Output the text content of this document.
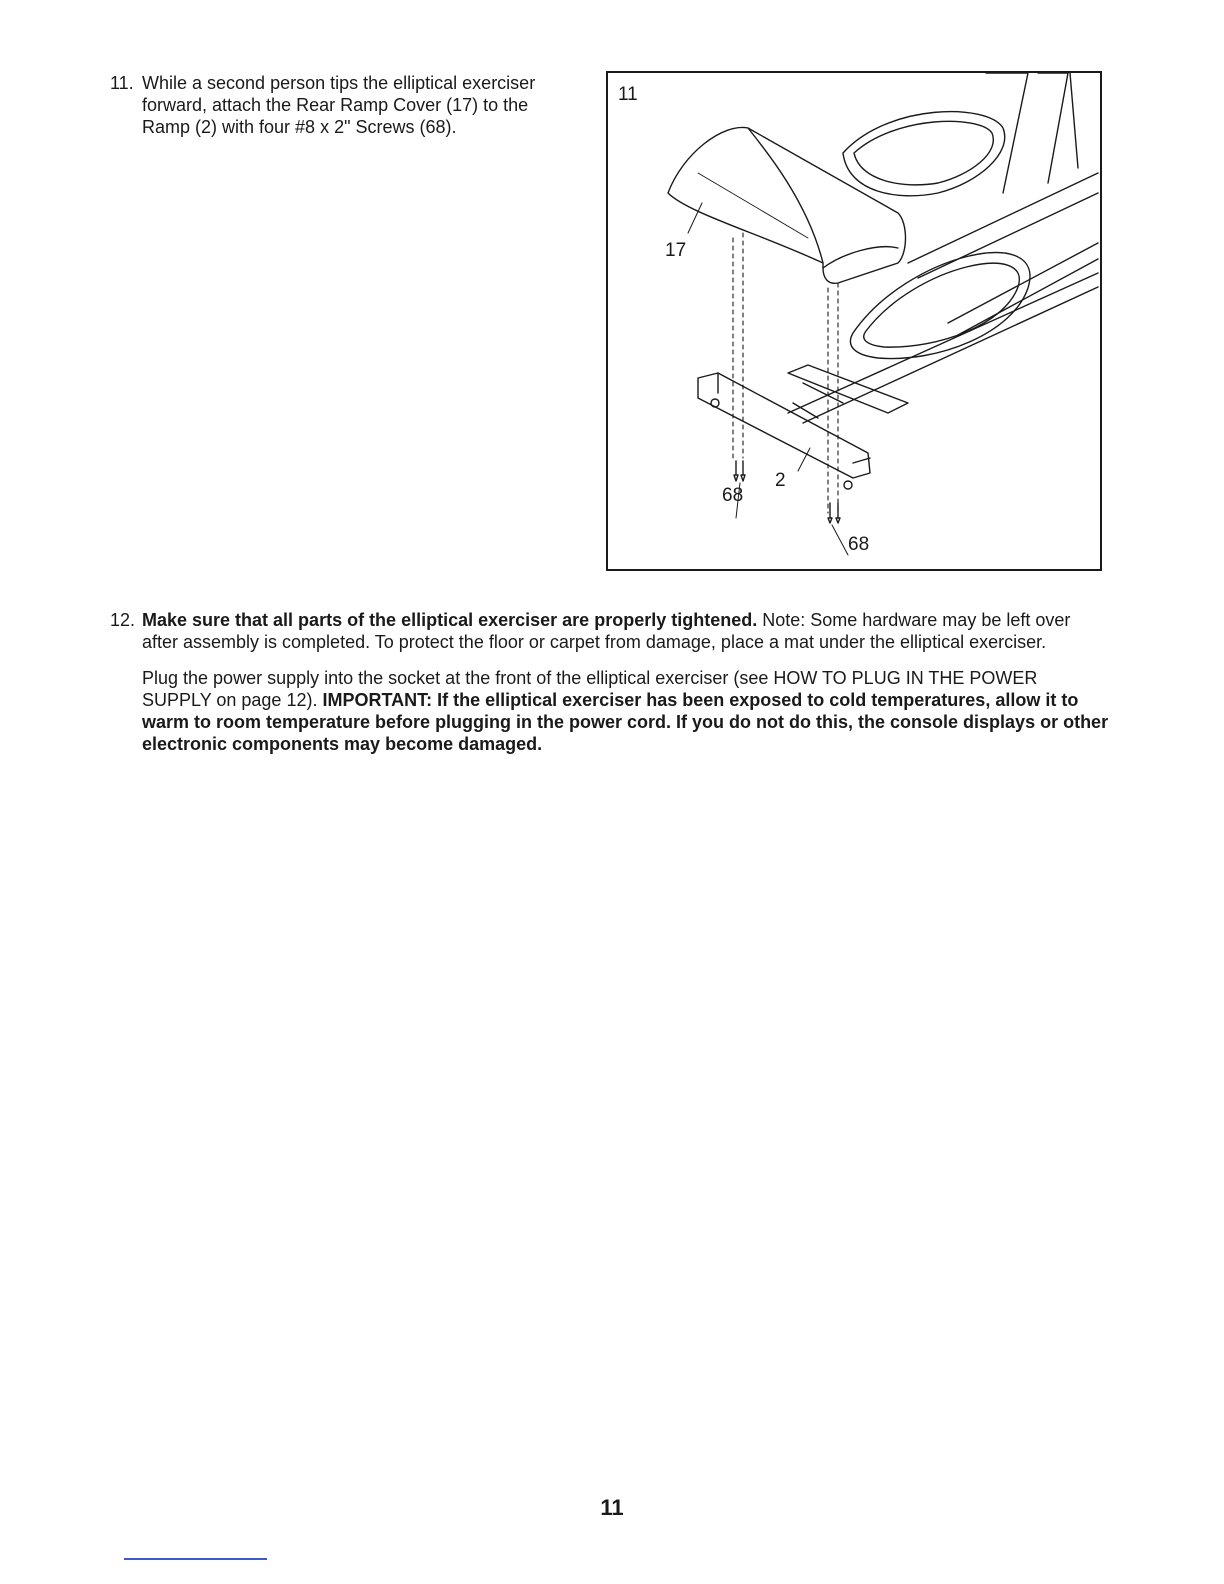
11. While a second person tips the elliptical exerciser forward, attach the Rear Ramp Cover (17) to the Ramp (2) with four #8 x 2" Screws (68).
11
17
2
68
68
12. Make sure that all parts of the elliptical exerciser are properly tightened. Note: Some hardware may be left over after assembly is completed. To protect the floor or carpet from damage, place a mat under the elliptical exerciser.
Plug the power supply into the socket at the front of the elliptical exerciser (see HOW TO PLUG IN THE POWER SUPPLY on page 12). IMPORTANT: If the elliptical exerciser has been exposed to cold temperatures, allow it to warm to room temperature before plugging in the power cord. If you do not do this, the console displays or other electronic components may become damaged.
11
